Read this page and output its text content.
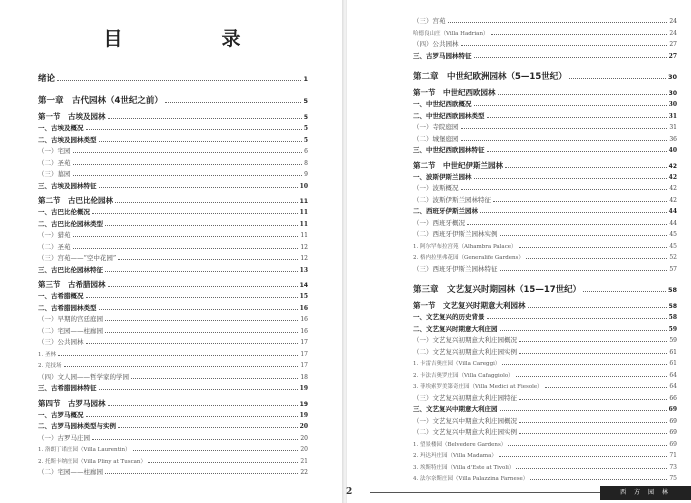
目　录
绪论	1
第一章　古代园林（4世纪之前）	5
第一节　古埃及园林	5
一、古埃及概况	5
二、古埃及园林类型	5
（一）宅园	6
（二）圣苑	8
（三）墓园	9
三、古埃及园林特征	10
第二节　古巴比伦园林	11
一、古巴比伦概况	11
二、古巴比伦园林类型	11
（一）猎苑	11
（二）圣苑	12
（三）宫苑——“空中花园”	12
三、古巴比伦园林特征	13
第三节　古希腊园林	14
一、古希腊概况	15
二、古希腊园林类型	16
（一）早期的宫廷庭园	16
（二）宅园——柱廊园	16
（三）公共园林	17
1. 圣林	17
2. 竞技场	17
（四）文人园——哲学家的学园	18
三、古希腊园林特征	19
第四节　古罗马园林	19
一、古罗马概况	19
二、古罗马园林类型与实例	20
（一）古罗马庄园	20
1. 洛朗丁诺庄园（Villa Laurentin）	20
2. 托斯卡纳庄园（Villa Pliny at Tuscan）	21
（二）宅园——柱廊园	22
（三）宫苑	24
哈德良山庄（Villa Hadrian）	24
（四）公共园林	27
三、古罗马园林特征	27
第二章　中世纪欧洲园林（5—15世纪）	30
第一节　中世纪西欧园林	30
一、中世纪西欧概况	30
二、中世纪西欧园林类型	31
（一）寺院庭园	31
（二）城堡庭园	36
三、中世纪西欧园林特征	40
第二节　中世纪伊斯兰园林	42
一、波斯伊斯兰园林	42
（一）波斯概况	42
（二）波斯伊斯兰园林特征	42
二、西班牙伊斯兰园林	44
（一）西班牙概况	44
（二）西班牙伊斯兰园林实例	45
1. 阿尔罕布拉宫苑（Alhambra Palace）	45
2. 格内拉里弗花园（Generalife Gardens）	52
（三）西班牙伊斯兰园林特征	57
第三章　文艺复兴时期园林（15—17世纪）	58
第一节　文艺复兴时期意大利园林	58
一、文艺复兴的历史背景	58
二、文艺复兴时期意大利庄园	59
（一）文艺复兴初期意大利庄园概况	59
（二）文艺复兴初期意大利庄园实例	61
1. 卡雷吉奥庄园（Villa Careggi）	61
2. 卡法吉奥罗庄园（Villa Cafaggiolo）	64
3. 菲埃索罗美第奇庄园（Villa Medici at Fiesole）	64
（三）文艺复兴初期意大利庄园特征	66
三、文艺复兴中期意大利庄园	69
（一）文艺复兴中期意大利庄园概况	69
（二）文艺复兴中期意大利庄园实例	69
1. 望景楼园（Belvedere Gardens）	69
2. 玛达玛庄园（Villa Madama）	71
3. 埃斯特庄园（Villa d'Este at Tivoli）	73
4. 法尔奈斯庄园（Villa Palazzina Farnese）	75
2	西 方 园 林
